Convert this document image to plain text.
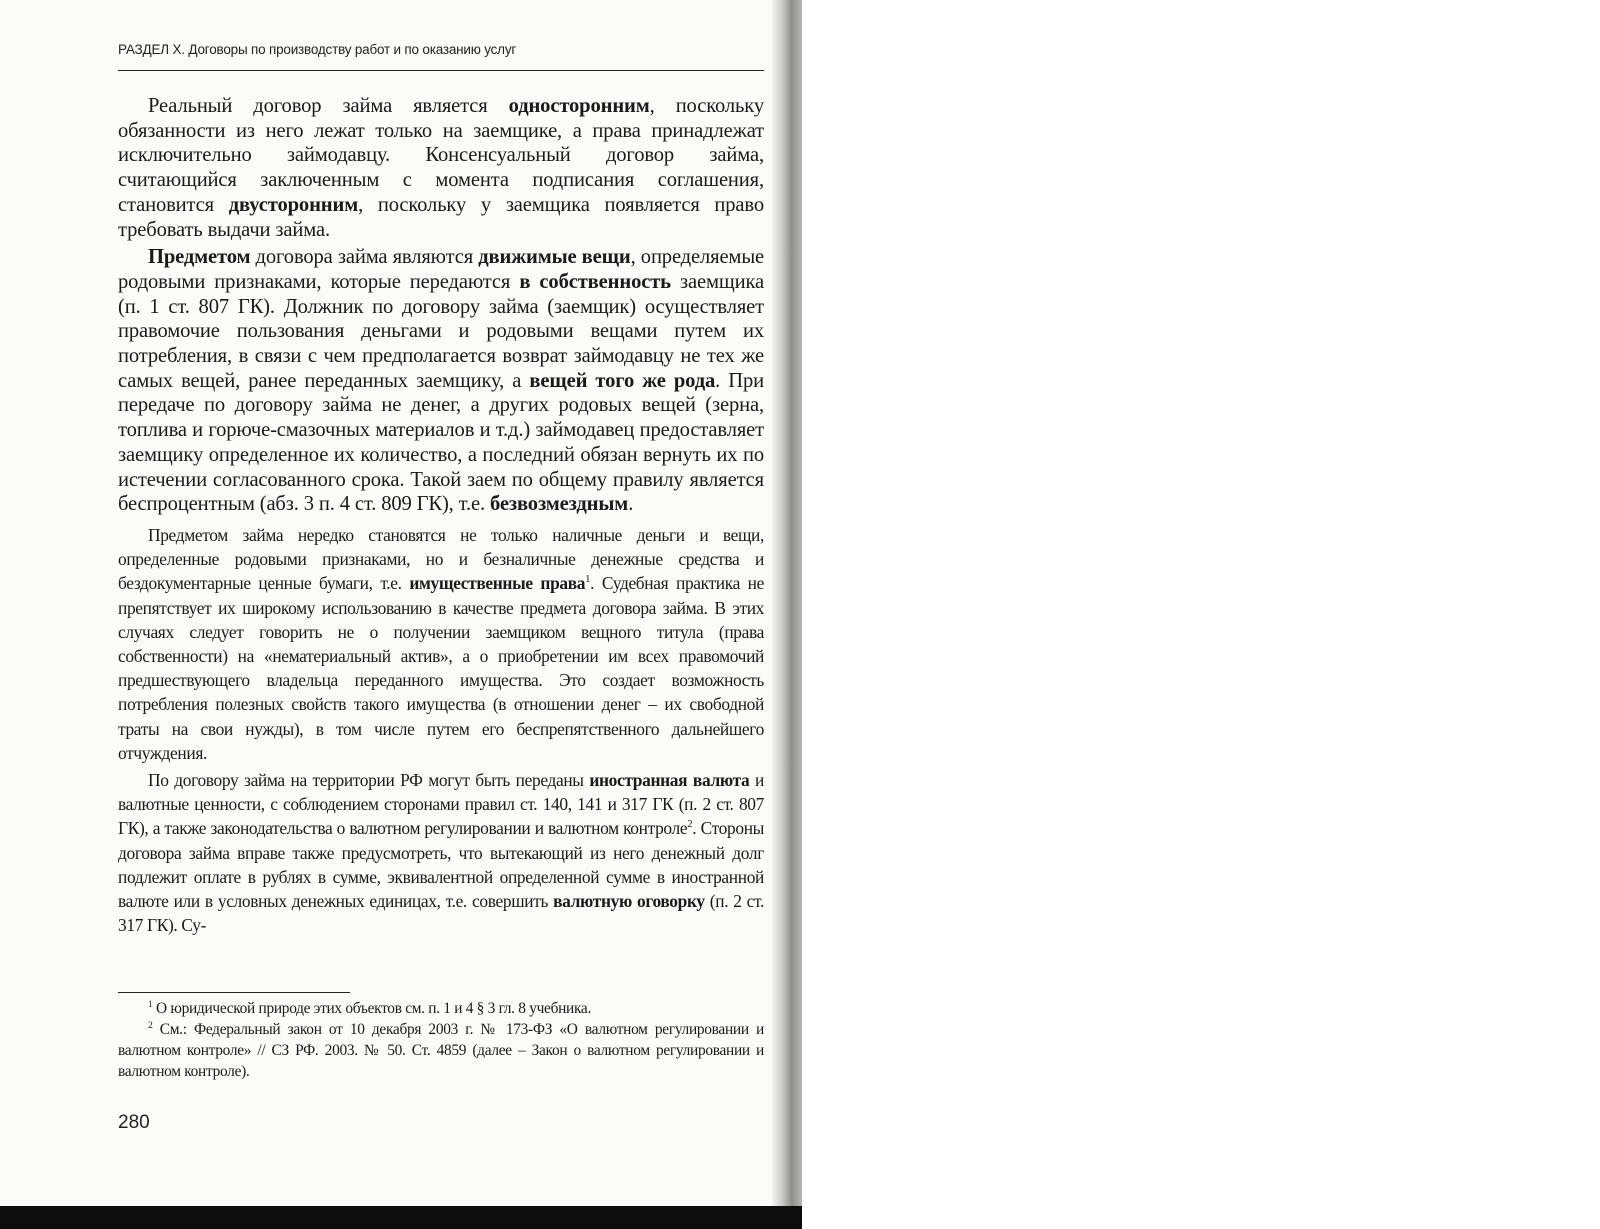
РАЗДЕЛ X. Договоры по производству работ и по оказанию услуг

Реальный договор займа является односторонним, поскольку обязанности из него лежат только на заемщике, а права принадлежат исключительно займодавцу. Консенсуальный договор займа, считающийся заключенным с момента подписания соглашения, становится двусторонним, поскольку у заемщика появляется право требовать выдачи займа.

Предметом договора займа являются движимые вещи, определяемые родовыми признаками, которые передаются в собственность заемщика (п. 1 ст. 807 ГК). Должник по договору займа (заемщик) осуществляет правомочие пользования деньгами и родовыми вещами путем их потребления, в связи с чем предполагается возврат займодавцу не тех же самых вещей, ранее переданных заемщику, а вещей того же рода. При передаче по договору займа не денег, а других родовых вещей (зерна, топлива и горюче-смазочных материалов и т.д.) займодавец предоставляет заемщику определенное их количество, а последний обязан вернуть их по истечении согласованного срока. Такой заем по общему правилу является беспроцентным (абз. 3 п. 4 ст. 809 ГК), т.е. безвозмездным.

Предметом займа нередко становятся не только наличные деньги и вещи, определенные родовыми признаками, но и безналичные денежные средства и бездокументарные ценные бумаги, т.е. имущественные права$^1$. Судебная практика не препятствует их широкому использованию в качестве предмета договора займа. В этих случаях следует говорить не о получении заемщиком вещного титула (права собственности) на «нематериальный актив», а о приобретении им всех правомочий предшествующего владельца переданного имущества. Это создает возможность потребления полезных свойств такого имущества (в отношении денег – их свободной траты на свои нужды), в том числе путем его беспрепятственного дальнейшего отчуждения.

По договору займа на территории РФ могут быть переданы иностранная валюта и валютные ценности, с соблюдением сторонами правил ст. 140, 141 и 317 ГК (п. 2 ст. 807 ГК), а также законодательства о валютном регулировании и валютном контроле$^2$. Стороны договора займа вправе также предусмотреть, что вытекающий из него денежный долг подлежит оплате в рублях в сумме, эквивалентной определенной сумме в иностранной валюте или в условных денежных единицах, т.е. совершить валютную оговорку (п. 2 ст. 317 ГК). Су-

$^1$ О юридической природе этих объектов см. п. 1 и 4 § 3 гл. 8 учебника.

$^2$ См.: Федеральный закон от 10 декабря 2003 г. № 173-ФЗ «О валютном регулировании и валютном контроле» // СЗ РФ. 2003. № 50. Ст. 4859 (далее – Закон о валютном регулировании и валютном контроле).

280
